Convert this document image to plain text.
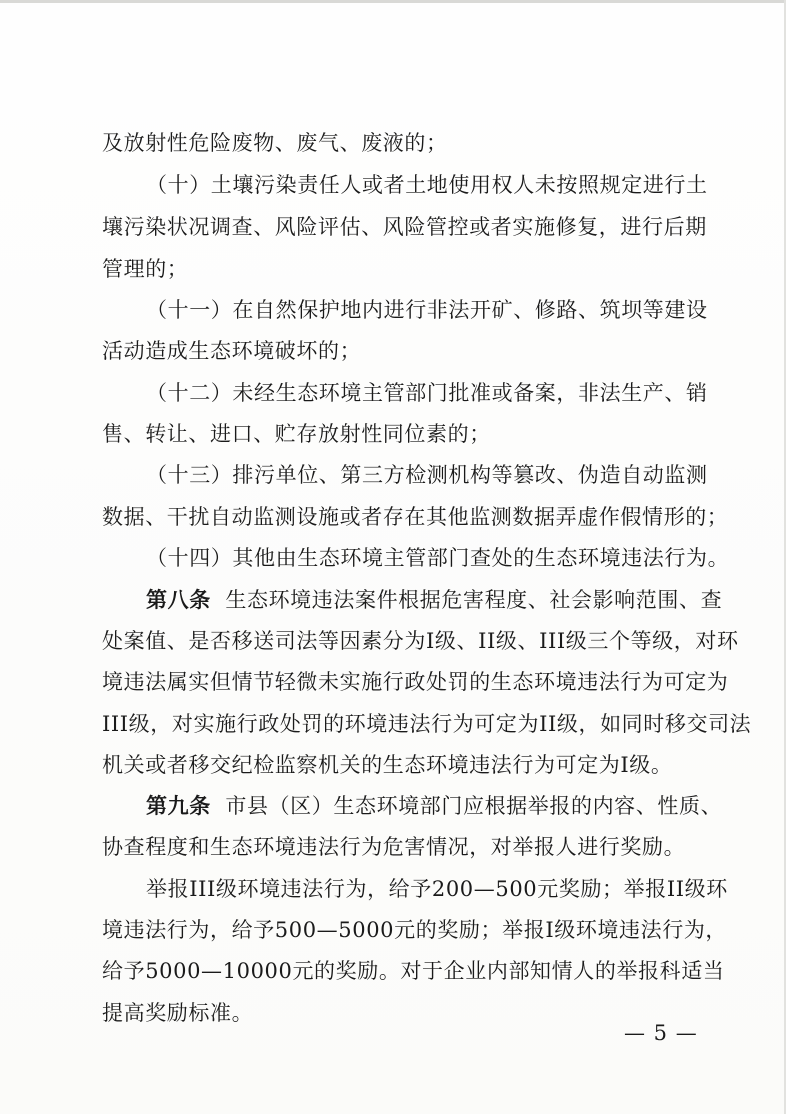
及放射性危险废物、废气、废液的；
（十）土壤污染责任人或者土地使用权人未按照规定进行土
壤污染状况调查、风险评估、风险管控或者实施修复，进行后期
管理的；
（十一）在自然保护地内进行非法开矿、修路、筑坝等建设
活动造成生态环境破坏的；
（十二）未经生态环境主管部门批准或备案，非法生产、销
售、转让、进口、贮存放射性同位素的；
（十三）排污单位、第三方检测机构等篡改、伪造自动监测
数据、干扰自动监测设施或者存在其他监测数据弄虚作假情形的；
（十四）其他由生态环境主管部门查处的生态环境违法行为。
第八条 生态环境违法案件根据危害程度、社会影响范围、查
处案值、是否移送司法等因素分为I级、II级、III级三个等级，对环
境违法属实但情节轻微未实施行政处罚的生态环境违法行为可定为
III级，对实施行政处罚的环境违法行为可定为II级，如同时移交司法
机关或者移交纪检监察机关的生态环境违法行为可定为I级。
第九条 市县（区）生态环境部门应根据举报的内容、性质、
协查程度和生态环境违法行为危害情况，对举报人进行奖励。
举报III级环境违法行为，给予200—500元奖励；举报II级环
境违法行为，给予500—5000元的奖励；举报I级环境违法行为，
给予5000—10000元的奖励。对于企业内部知情人的举报科适当
提高奖励标准。
— 5 —
